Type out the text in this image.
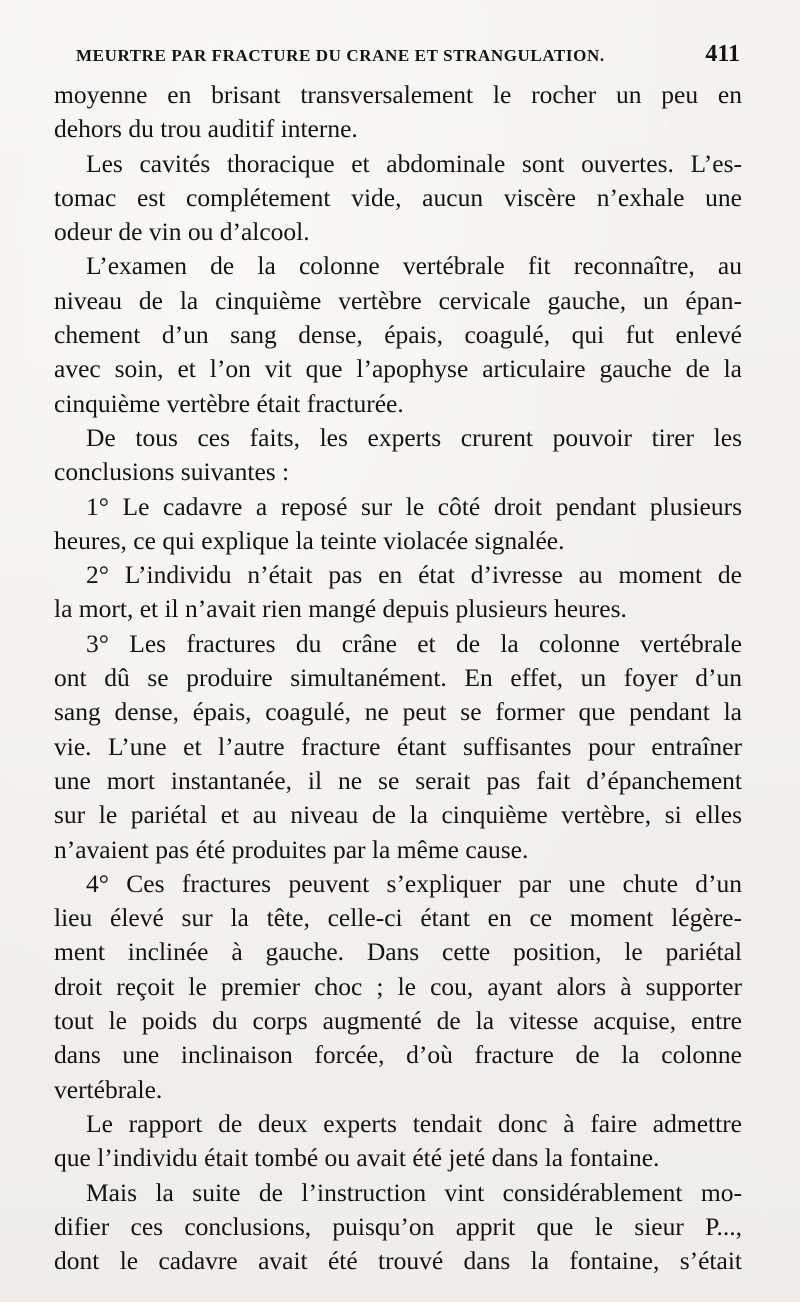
MEURTRE PAR FRACTURE DU CRANE ET STRANGULATION.	411
moyenne en brisant transversalement le rocher un peu en
dehors du trou auditif interne.
Les cavités thoracique et abdominale sont ouvertes. L’es-
tomac est complétement vide, aucun viscère n’exhale une
odeur de vin ou d’alcool.
L’examen de la colonne vertébrale fit reconnaître, au
niveau de la cinquième vertèbre cervicale gauche, un épan-
chement d’un sang dense, épais, coagulé, qui fut enlevé
avec soin, et l’on vit que l’apophyse articulaire gauche de la
cinquième vertèbre était fracturée.
De tous ces faits, les experts crurent pouvoir tirer les
conclusions suivantes :
1° Le cadavre a reposé sur le côté droit pendant plusieurs
heures, ce qui explique la teinte violacée signalée.
2° L’individu n’était pas en état d’ivresse au moment de
la mort, et il n’avait rien mangé depuis plusieurs heures.
3° Les fractures du crâne et de la colonne vertébrale
ont dû se produire simultanément. En effet, un foyer d’un
sang dense, épais, coagulé, ne peut se former que pendant la
vie. L’une et l’autre fracture étant suffisantes pour entraîner
une mort instantanée, il ne se serait pas fait d’épanchement
sur le pariétal et au niveau de la cinquième vertèbre, si elles
n’avaient pas été produites par la même cause.
4° Ces fractures peuvent s’expliquer par une chute d’un
lieu élevé sur la tête, celle-ci étant en ce moment légère-
ment inclinée à gauche. Dans cette position, le pariétal
droit reçoit le premier choc ; le cou, ayant alors à supporter
tout le poids du corps augmenté de la vitesse acquise, entre
dans une inclinaison forcée, d’où fracture de la colonne
vertébrale.
Le rapport de deux experts tendait donc à faire admettre
que l’individu était tombé ou avait été jeté dans la fontaine.
Mais la suite de l’instruction vint considérablement mo-
difier ces conclusions, puisqu’on apprit que le sieur P...,
dont le cadavre avait été trouvé dans la fontaine, s’était
